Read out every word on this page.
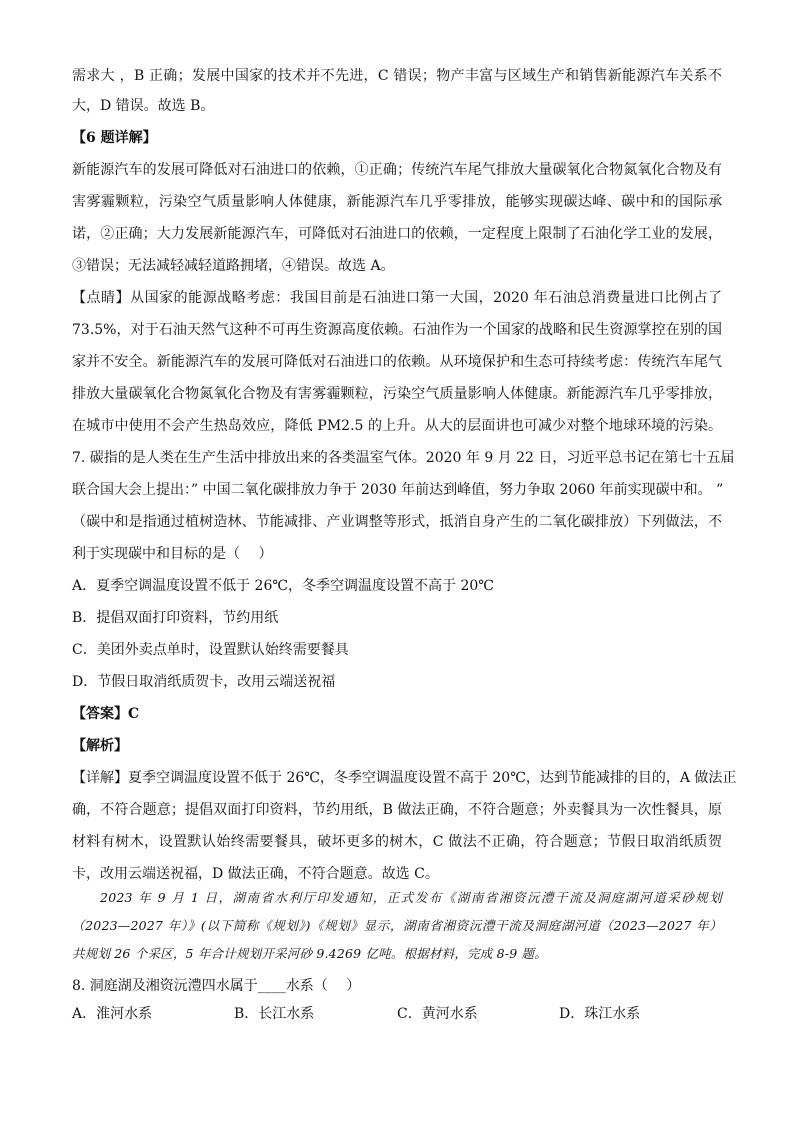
需求大 ，B 正确；发展中国家的技术并不先进，C 错误；物产丰富与区域生产和销售新能源汽车关系不
大，D 错误。故选 B。
【6 题详解】
新能源汽车的发展可降低对石油进口的依赖，①正确；传统汽车尾气排放大量碳氧化合物氮氧化合物及有
害雾霾颗粒，污染空气质量影响人体健康，新能源汽车几乎零排放，能够实现碳达峰、碳中和的国际承
诺，②正确；大力发展新能源汽车，可降低对石油进口的依赖，一定程度上限制了石油化学工业的发展，
③错误；无法减轻减轻道路拥堵，④错误。故选 A。
【点睛】从国家的能源战略考虑：我国目前是石油进口第一大国，2020 年石油总消费量进口比例占了
73.5%，对于石油天然气这种不可再生资源高度依赖。石油作为一个国家的战略和民生资源掌控在别的国
家并不安全。新能源汽车的发展可降低对石油进口的依赖。从环境保护和生态可持续考虑：传统汽车尾气
排放大量碳氧化合物氮氧化合物及有害雾霾颗粒，污染空气质量影响人体健康。新能源汽车几乎零排放，
在城市中使用不会产生热岛效应，降低 PM2.5 的上升。从大的层面讲也可减少对整个地球环境的污染。
7. 碳指的是人类在生产生活中排放出来的各类温室气体。2020 年 9 月 22 日，习近平总书记在第七十五届
联合国大会上提出：” 中国二氧化碳排放力争于 2030 年前达到峰值，努力争取 2060 年前实现碳中和。 ”
（碳中和是指通过植树造林、节能减排、产业调整等形式，抵消自身产生的二氧化碳排放）下列做法，不
利于实现碳中和目标的是（　 ）
A．夏季空调温度设置不低于 26℃，冬季空调温度设置不高于 20℃
B．提倡双面打印资料，节约用纸
C．美团外卖点单时，设置默认始终需要餐具
D．节假日取消纸质贺卡，改用云端送祝福
【答案】C
【解析】
【详解】夏季空调温度设置不低于 26℃，冬季空调温度设置不高于 20℃，达到节能减排的目的，A 做法正
确，不符合题意；提倡双面打印资料，节约用纸，B 做法正确，不符合题意；外卖餐具为一次性餐具，原
材料有树木，设置默认始终需要餐具，破坏更多的树木，C 做法不正确，符合题意；节假日取消纸质贺
卡，改用云端送祝福，D 做法正确，不符合题意。故选 C。
　　2023 年 9 月 1 日，湖南省水利厅印发通知，正式发布《湖南省湘资沅澧干流及洞庭湖河道采砂规划
（2023—2027 年）》(以下简称《规划》)《规划》显示，湖南省湘资沅澧干流及洞庭湖河道（2023—2027 年）
共规划 26 个采区，5 年合计规划开采河砂 9.4269 亿吨。根据材料，完成 8-9 题。
8. 洞庭湖及湘资沅澧四水属于____水系（　 ）
A．淮河水系	B．长江水系	C．黄河水系	D．珠江水系
